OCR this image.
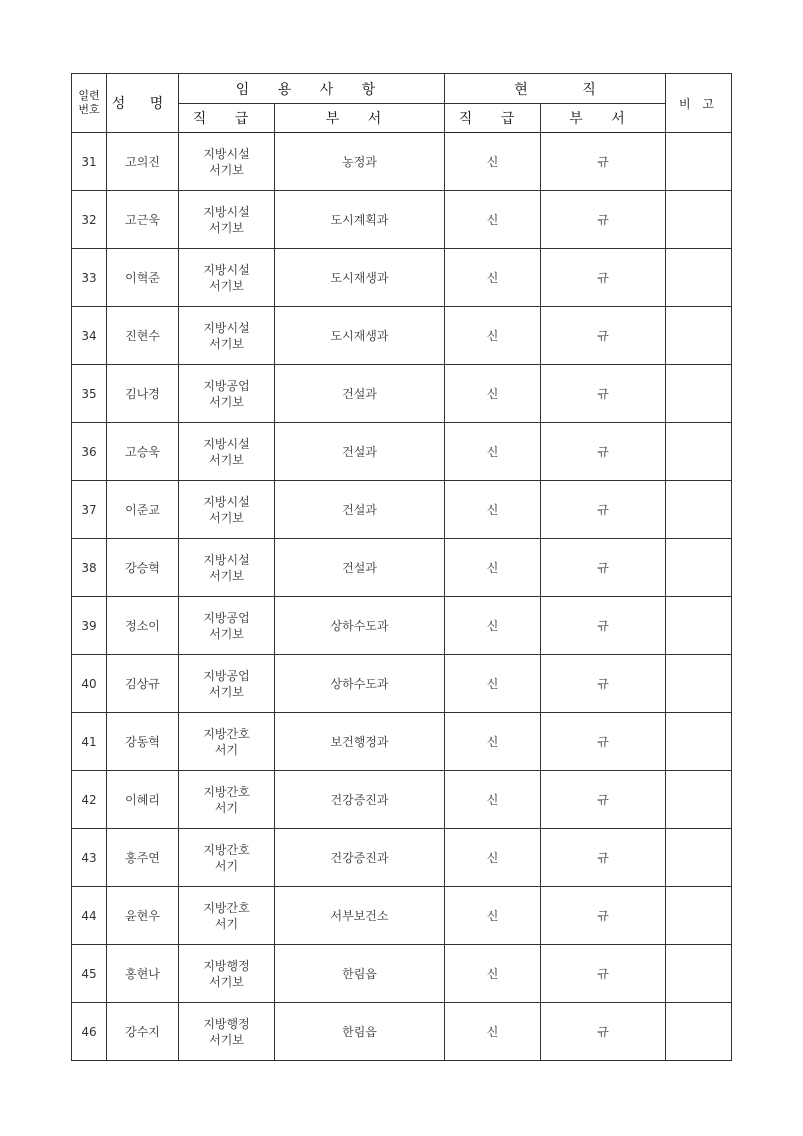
일련
번호	성 명	임 용 사 항		현 직		비 고
		직 급	부 서	직 급	부 서	
31	고의진	지방시설
서기보	농정과	신	규	
32	고근욱	지방시설
서기보	도시계획과	신	규	
33	이혁준	지방시설
서기보	도시재생과	신	규	
34	진현수	지방시설
서기보	도시재생과	신	규	
35	김나경	지방공업
서기보	건설과	신	규	
36	고승욱	지방시설
서기보	건설과	신	규	
37	이준교	지방시설
서기보	건설과	신	규	
38	강승혁	지방시설
서기보	건설과	신	규	
39	정소이	지방공업
서기보	상하수도과	신	규	
40	김상규	지방공업
서기보	상하수도과	신	규	
41	강동혁	지방간호
서기	보건행정과	신	규	
42	이혜리	지방간호
서기	건강증진과	신	규	
43	홍주연	지방간호
서기	건강증진과	신	규	
44	윤현우	지방간호
서기	서부보건소	신	규	
45	홍현나	지방행정
서기보	한림읍	신	규	
46	강수지	지방행정
서기보	한림읍	신	규	
